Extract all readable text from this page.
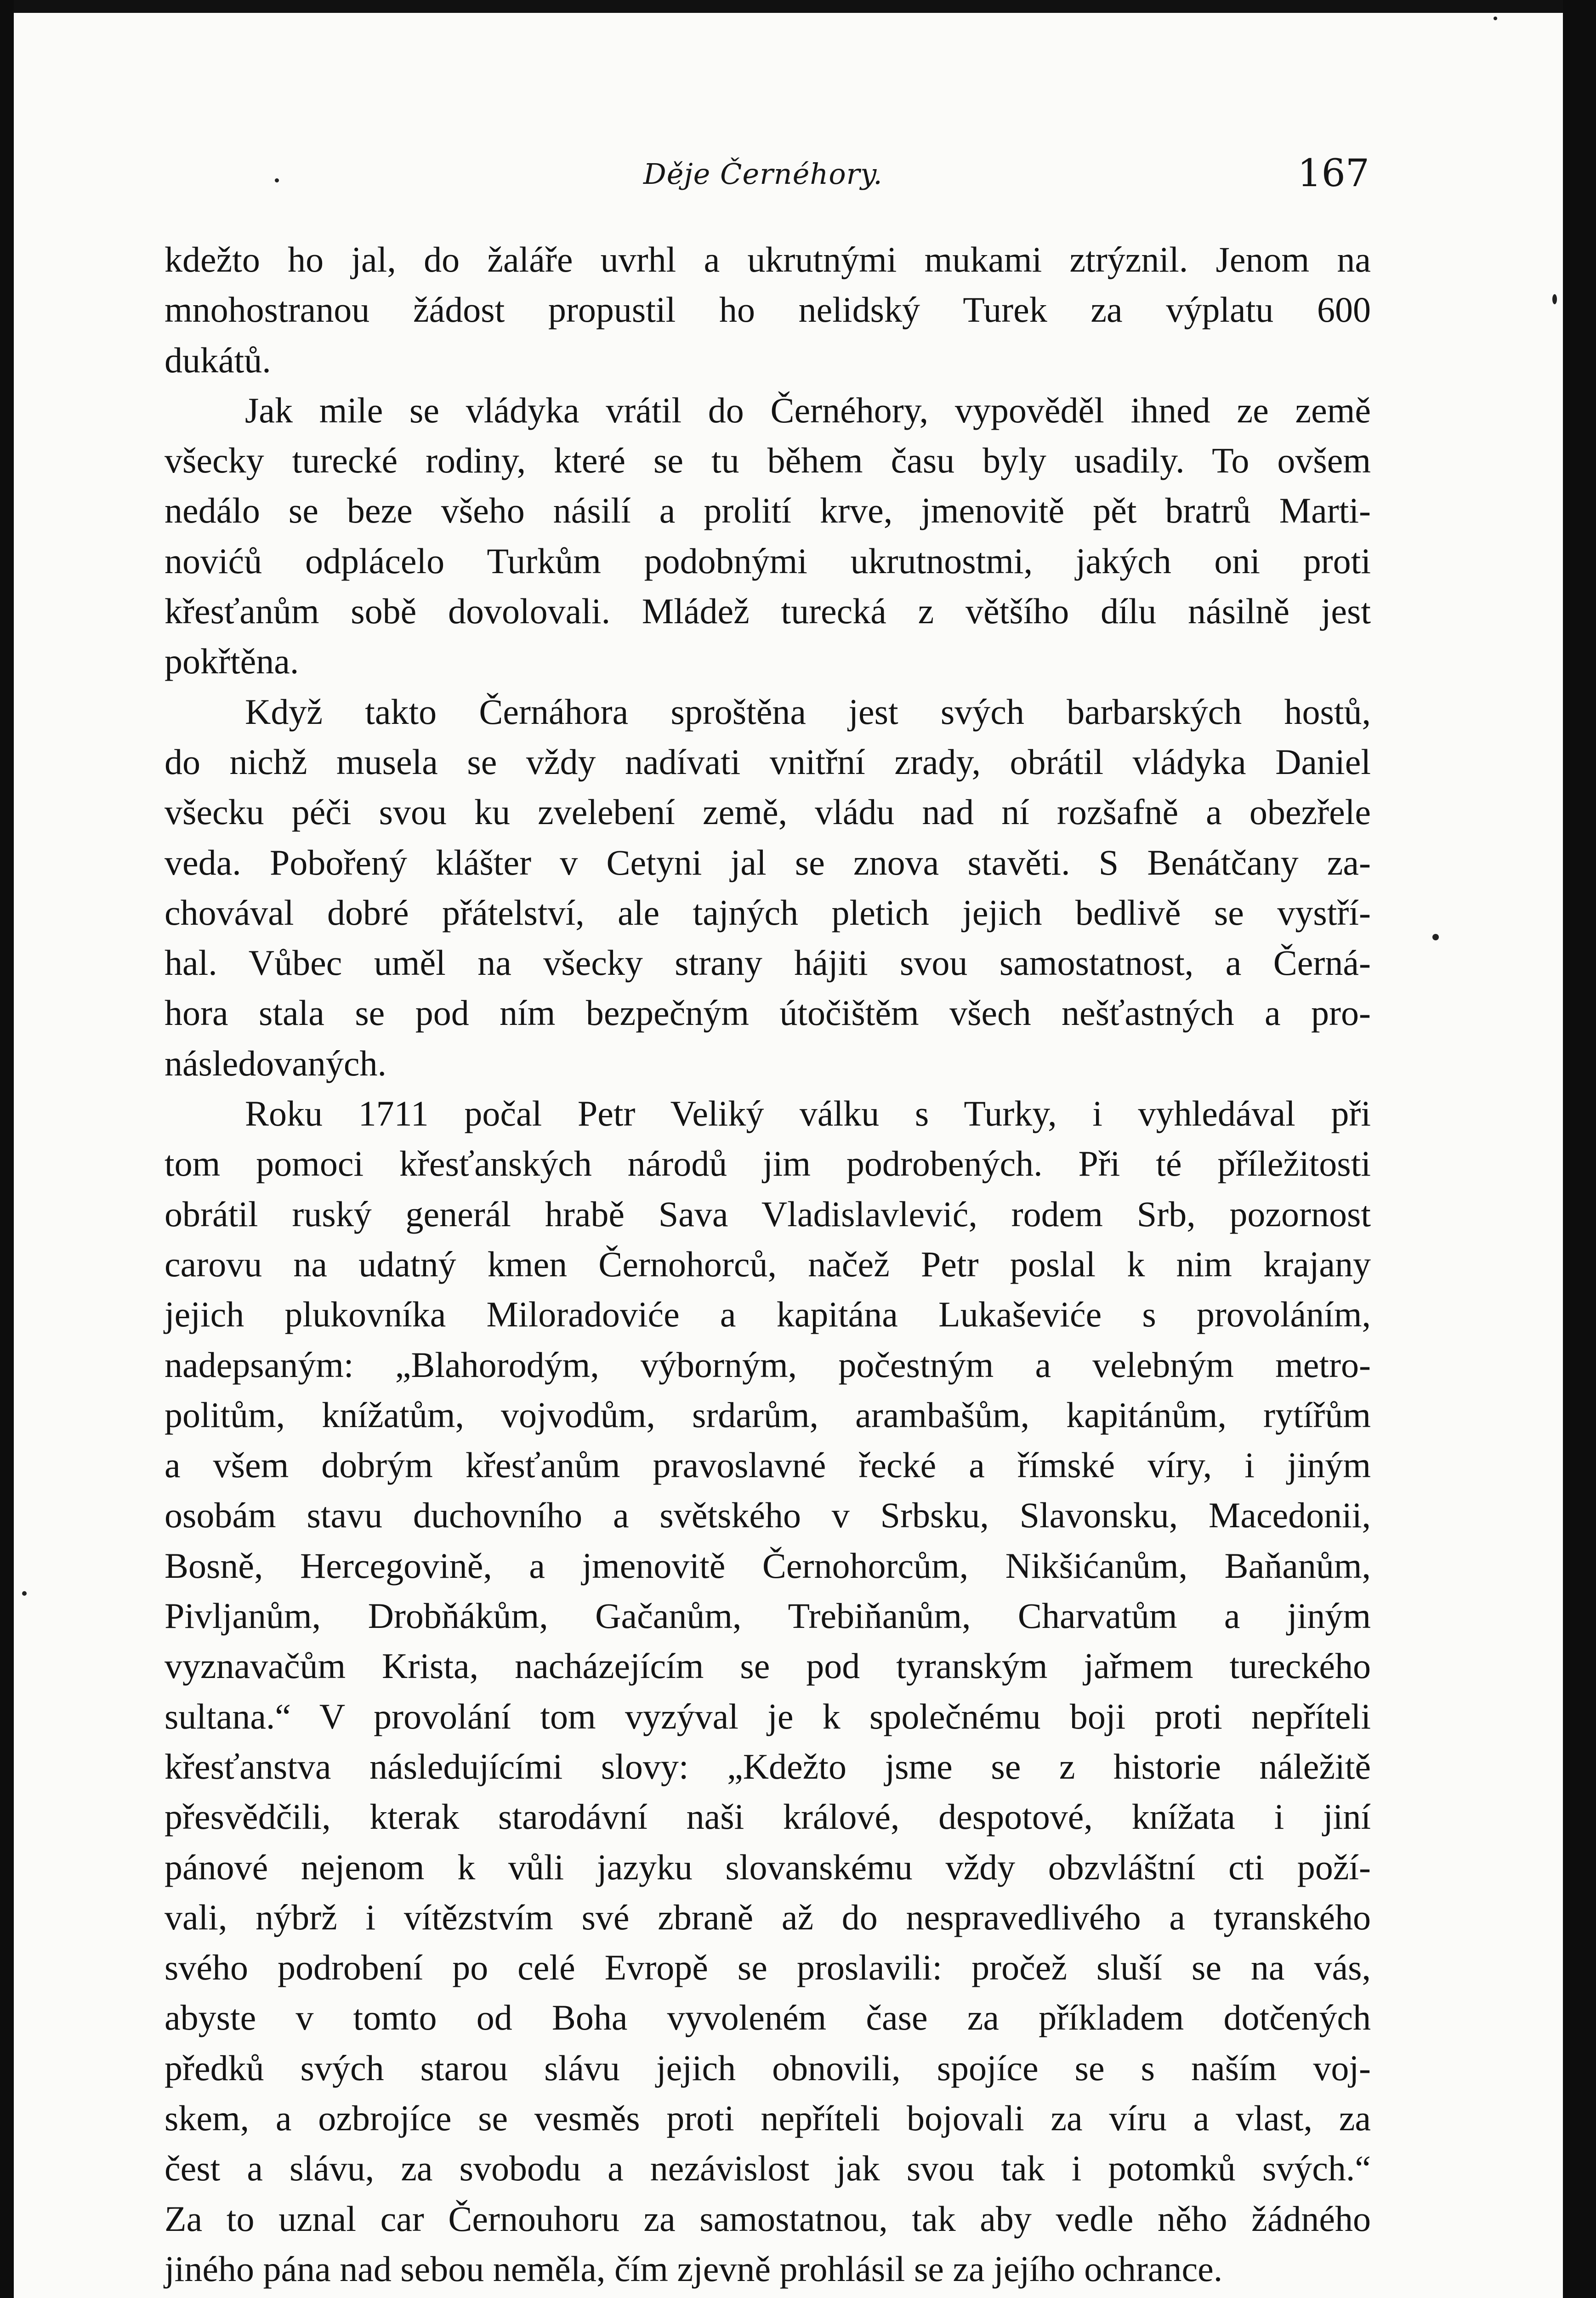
Děje Černéhory.	167
kdežto ho jal, do žaláře uvrhl a ukrutnými mukami ztrýznil. Jenom na
mnohostranou žádost propustil ho nelidský Turek za výplatu 600
dukátů.
Jak mile se vládyka vrátil do Černéhory, vypověděl ihned ze země
všecky turecké rodiny, které se tu během času byly usadily. To ovšem
nedálo se beze všeho násilí a prolití krve, jmenovitě pět bratrů Marti-
novićů odplácelo Turkům podobnými ukrutnostmi, jakých oni proti
křesťanům sobě dovolovali. Mládež turecká z většího dílu násilně jest
pokřtěna.
Když takto Černáhora sproštěna jest svých barbarských hostů,
do nichž musela se vždy nadívati vnitřní zrady, obrátil vládyka Daniel
všecku péči svou ku zvelebení země, vládu nad ní rozšafně a obezřele
veda. Pobořený klášter v Cetyni jal se znova stavěti. S Benátčany za-
chovával dobré přátelství, ale tajných pletich jejich bedlivě se vystří-
hal. Vůbec uměl na všecky strany hájiti svou samostatnost, a Černá-
hora stala se pod ním bezpečným útočištěm všech nešťastných a pro-
následovaných.
Roku 1711 počal Petr Veliký válku s Turky, i vyhledával při
tom pomoci křesťanských národů jim podrobených. Při té příležitosti
obrátil ruský generál hrabě Sava Vladislavlević, rodem Srb, pozornost
carovu na udatný kmen Černohorců, načež Petr poslal k nim krajany
jejich plukovníka Miloradoviće a kapitána Lukaševiće s provoláním,
nadepsaným: „Blahorodým, výborným, počestným a velebným metro-
politům, knížatům, vojvodům, srdarům, arambašům, kapitánům, rytířům
a všem dobrým křesťanům pravoslavné řecké a římské víry, i jiným
osobám stavu duchovního a světského v Srbsku, Slavonsku, Macedonii,
Bosně, Hercegovině, a jmenovitě Černohorcům, Nikšićanům, Baňanům,
Pivljanům, Drobňákům, Gačanům, Trebiňanům, Charvatům a jiným
vyznavačům Krista, nacházejícím se pod tyranským jařmem tureckého
sultana.“ V provolání tom vyzýval je k společnému boji proti nepříteli
křesťanstva následujícími slovy: „Kdežto jsme se z historie náležitě
přesvědčili, kterak starodávní naši králové, despotové, knížata i jiní
pánové nejenom k vůli jazyku slovanskému vždy obzvláštní cti poží-
vali, nýbrž i vítězstvím své zbraně až do nespravedlivého a tyranského
svého podrobení po celé Evropě se proslavili: pročež sluší se na vás,
abyste v tomto od Boha vyvoleném čase za příkladem dotčených
předků svých starou slávu jejich obnovili, spojíce se s naším voj-
skem, a ozbrojíce se vesměs proti nepříteli bojovali za víru a vlast, za
čest a slávu, za svobodu a nezávislost jak svou tak i potomků svých.“
Za to uznal car Černouhoru za samostatnou, tak aby vedle něho žádného
jiného pána nad sebou neměla, čím zjevně prohlásil se za jejího ochrance.
